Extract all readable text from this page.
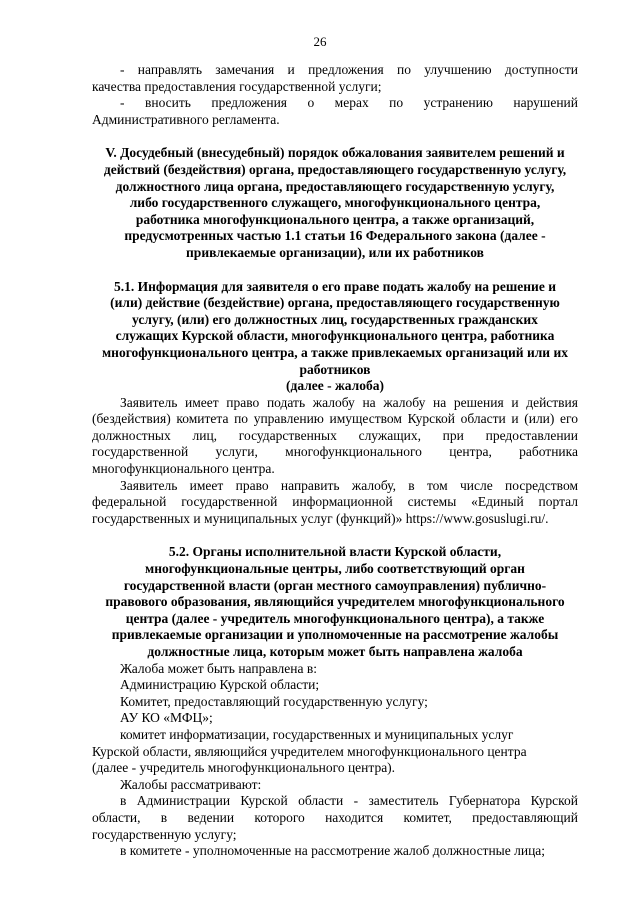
26

- направлять замечания и предложения по улучшению доступности

качества предоставления государственной услуги;

- вносить предложения о мерах по устранению нарушений

Административного регламента.

V. Досудебный (внесудебный) порядок обжалования заявителем решений и

действий (бездействия) органа, предоставляющего государственную услугу,

должностного лица органа, предоставляющего государственную услугу,

либо государственного служащего, многофункционального центра,

работника многофункционального центра, а также организаций,

предусмотренных частью 1.1 статьи 16 Федерального закона (далее -

привлекаемые организации), или их работников

5.1. Информация для заявителя о его праве подать жалобу на решение и

(или) действие (бездействие) органа, предоставляющего государственную

услугу, (или) его должностных лиц, государственных гражданских

служащих Курской области, многофункционального центра, работника

многофункционального центра, а также привлекаемых организаций или их

работников

(далее - жалоба)

Заявитель имеет право подать жалобу на жалобу на решения и действия

(бездействия) комитета по управлению имуществом Курской области и (или) его

должностных лиц, государственных служащих, при предоставлении

государственной услуги, многофункционального центра, работника

многофункционального центра.

Заявитель имеет право направить жалобу, в том числе посредством

федеральной государственной информационной системы «Единый портал

государственных и муниципальных услуг (функций)» https://www.gosuslugi.ru/.

5.2. Органы исполнительной власти Курской области,

многофункциональные центры, либо соответствующий орган

государственной власти (орган местного самоуправления) публично-

правового образования, являющийся учредителем многофункционального

центра (далее - учредитель многофункционального центра), а также

привлекаемые организации и уполномоченные на рассмотрение жалобы

должностные лица, которым может быть направлена жалоба

Жалоба может быть направлена в:

Администрацию Курской области;

Комитет, предоставляющий государственную услугу;

АУ КО «МФЦ»;

комитет информатизации, государственных и муниципальных услуг

Курской области, являющийся учредителем многофункционального центра

(далее - учредитель многофункционального центра).

Жалобы рассматривают:

в Администрации Курской области - заместитель Губернатора Курской

области, в ведении которого находится комитет, предоставляющий

государственную услугу;

в комитете - уполномоченные на рассмотрение жалоб должностные лица;
